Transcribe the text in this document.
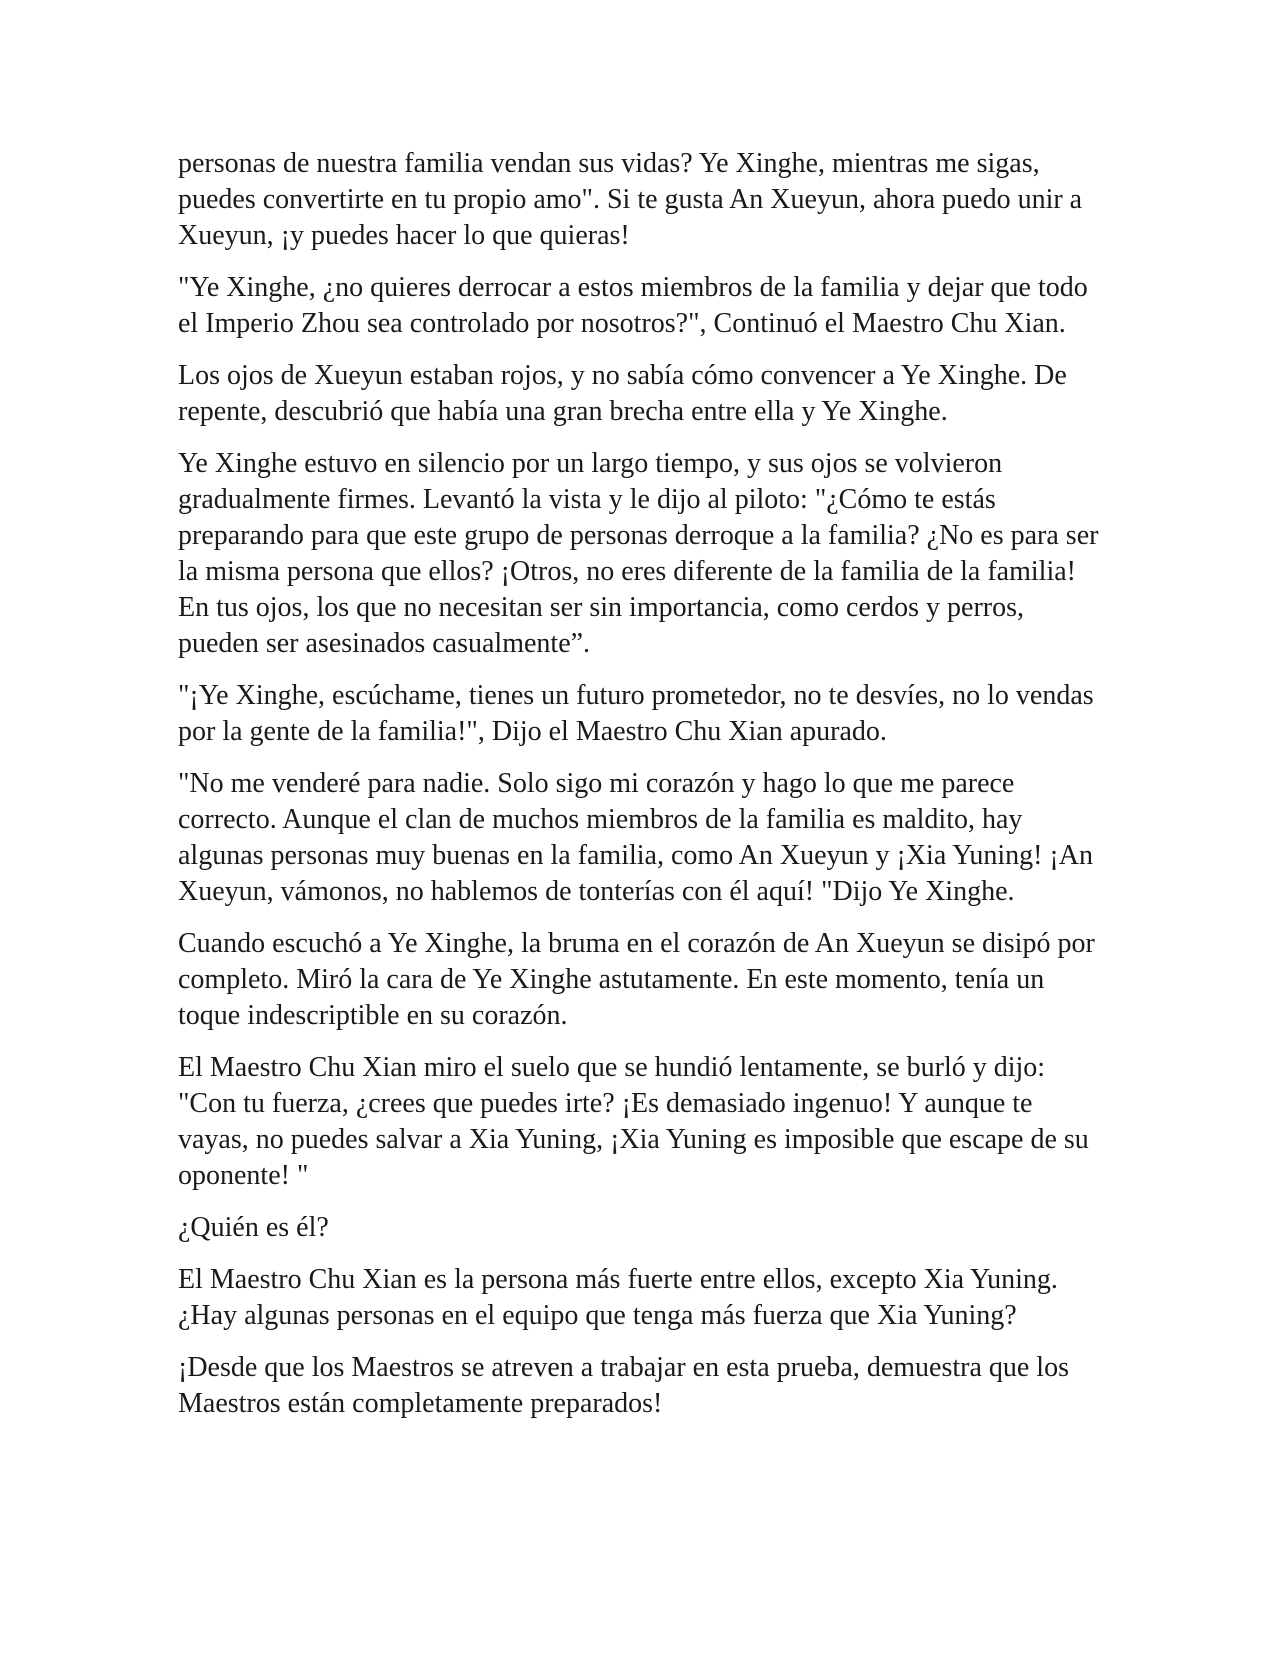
personas de nuestra familia vendan sus vidas? Ye Xinghe, mientras me sigas, puedes convertirte en tu propio amo". Si te gusta An Xueyun, ahora puedo unir a Xueyun, ¡y puedes hacer lo que quieras!

"Ye Xinghe, ¿no quieres derrocar a estos miembros de la familia y dejar que todo el Imperio Zhou sea controlado por nosotros?", Continuó el Maestro Chu Xian.

Los ojos de Xueyun estaban rojos, y no sabía cómo convencer a Ye Xinghe. De repente, descubrió que había una gran brecha entre ella y Ye Xinghe.

Ye Xinghe estuvo en silencio por un largo tiempo, y sus ojos se volvieron gradualmente firmes. Levantó la vista y le dijo al piloto: "¿Cómo te estás preparando para que este grupo de personas derroque a la familia? ¿No es para ser la misma persona que ellos? ¡Otros, no eres diferente de la familia de la familia! En tus ojos, los que no necesitan ser sin importancia, como cerdos y perros, pueden ser asesinados casualmente”.

"¡Ye Xinghe, escúchame, tienes un futuro prometedor, no te desvíes, no lo vendas por la gente de la familia!", Dijo el Maestro Chu Xian apurado.

"No me venderé para nadie. Solo sigo mi corazón y hago lo que me parece correcto. Aunque el clan de muchos miembros de la familia es maldito, hay algunas personas muy buenas en la familia, como An Xueyun y ¡Xia Yuning! ¡An Xueyun, vámonos, no hablemos de tonterías con él aquí! "Dijo Ye Xinghe.

Cuando escuchó a Ye Xinghe, la bruma en el corazón de An Xueyun se disipó por completo. Miró la cara de Ye Xinghe astutamente. En este momento, tenía un toque indescriptible en su corazón.

El Maestro Chu Xian miro el suelo que se hundió lentamente, se burló y dijo: "Con tu fuerza, ¿crees que puedes irte? ¡Es demasiado ingenuo! Y aunque te vayas, no puedes salvar a Xia Yuning, ¡Xia Yuning es imposible que escape de su oponente! "

¿Quién es él?

El Maestro Chu Xian es la persona más fuerte entre ellos, excepto Xia Yuning. ¿Hay algunas personas en el equipo que tenga más fuerza que Xia Yuning?

¡Desde que los Maestros se atreven a trabajar en esta prueba, demuestra que los Maestros están completamente preparados!
